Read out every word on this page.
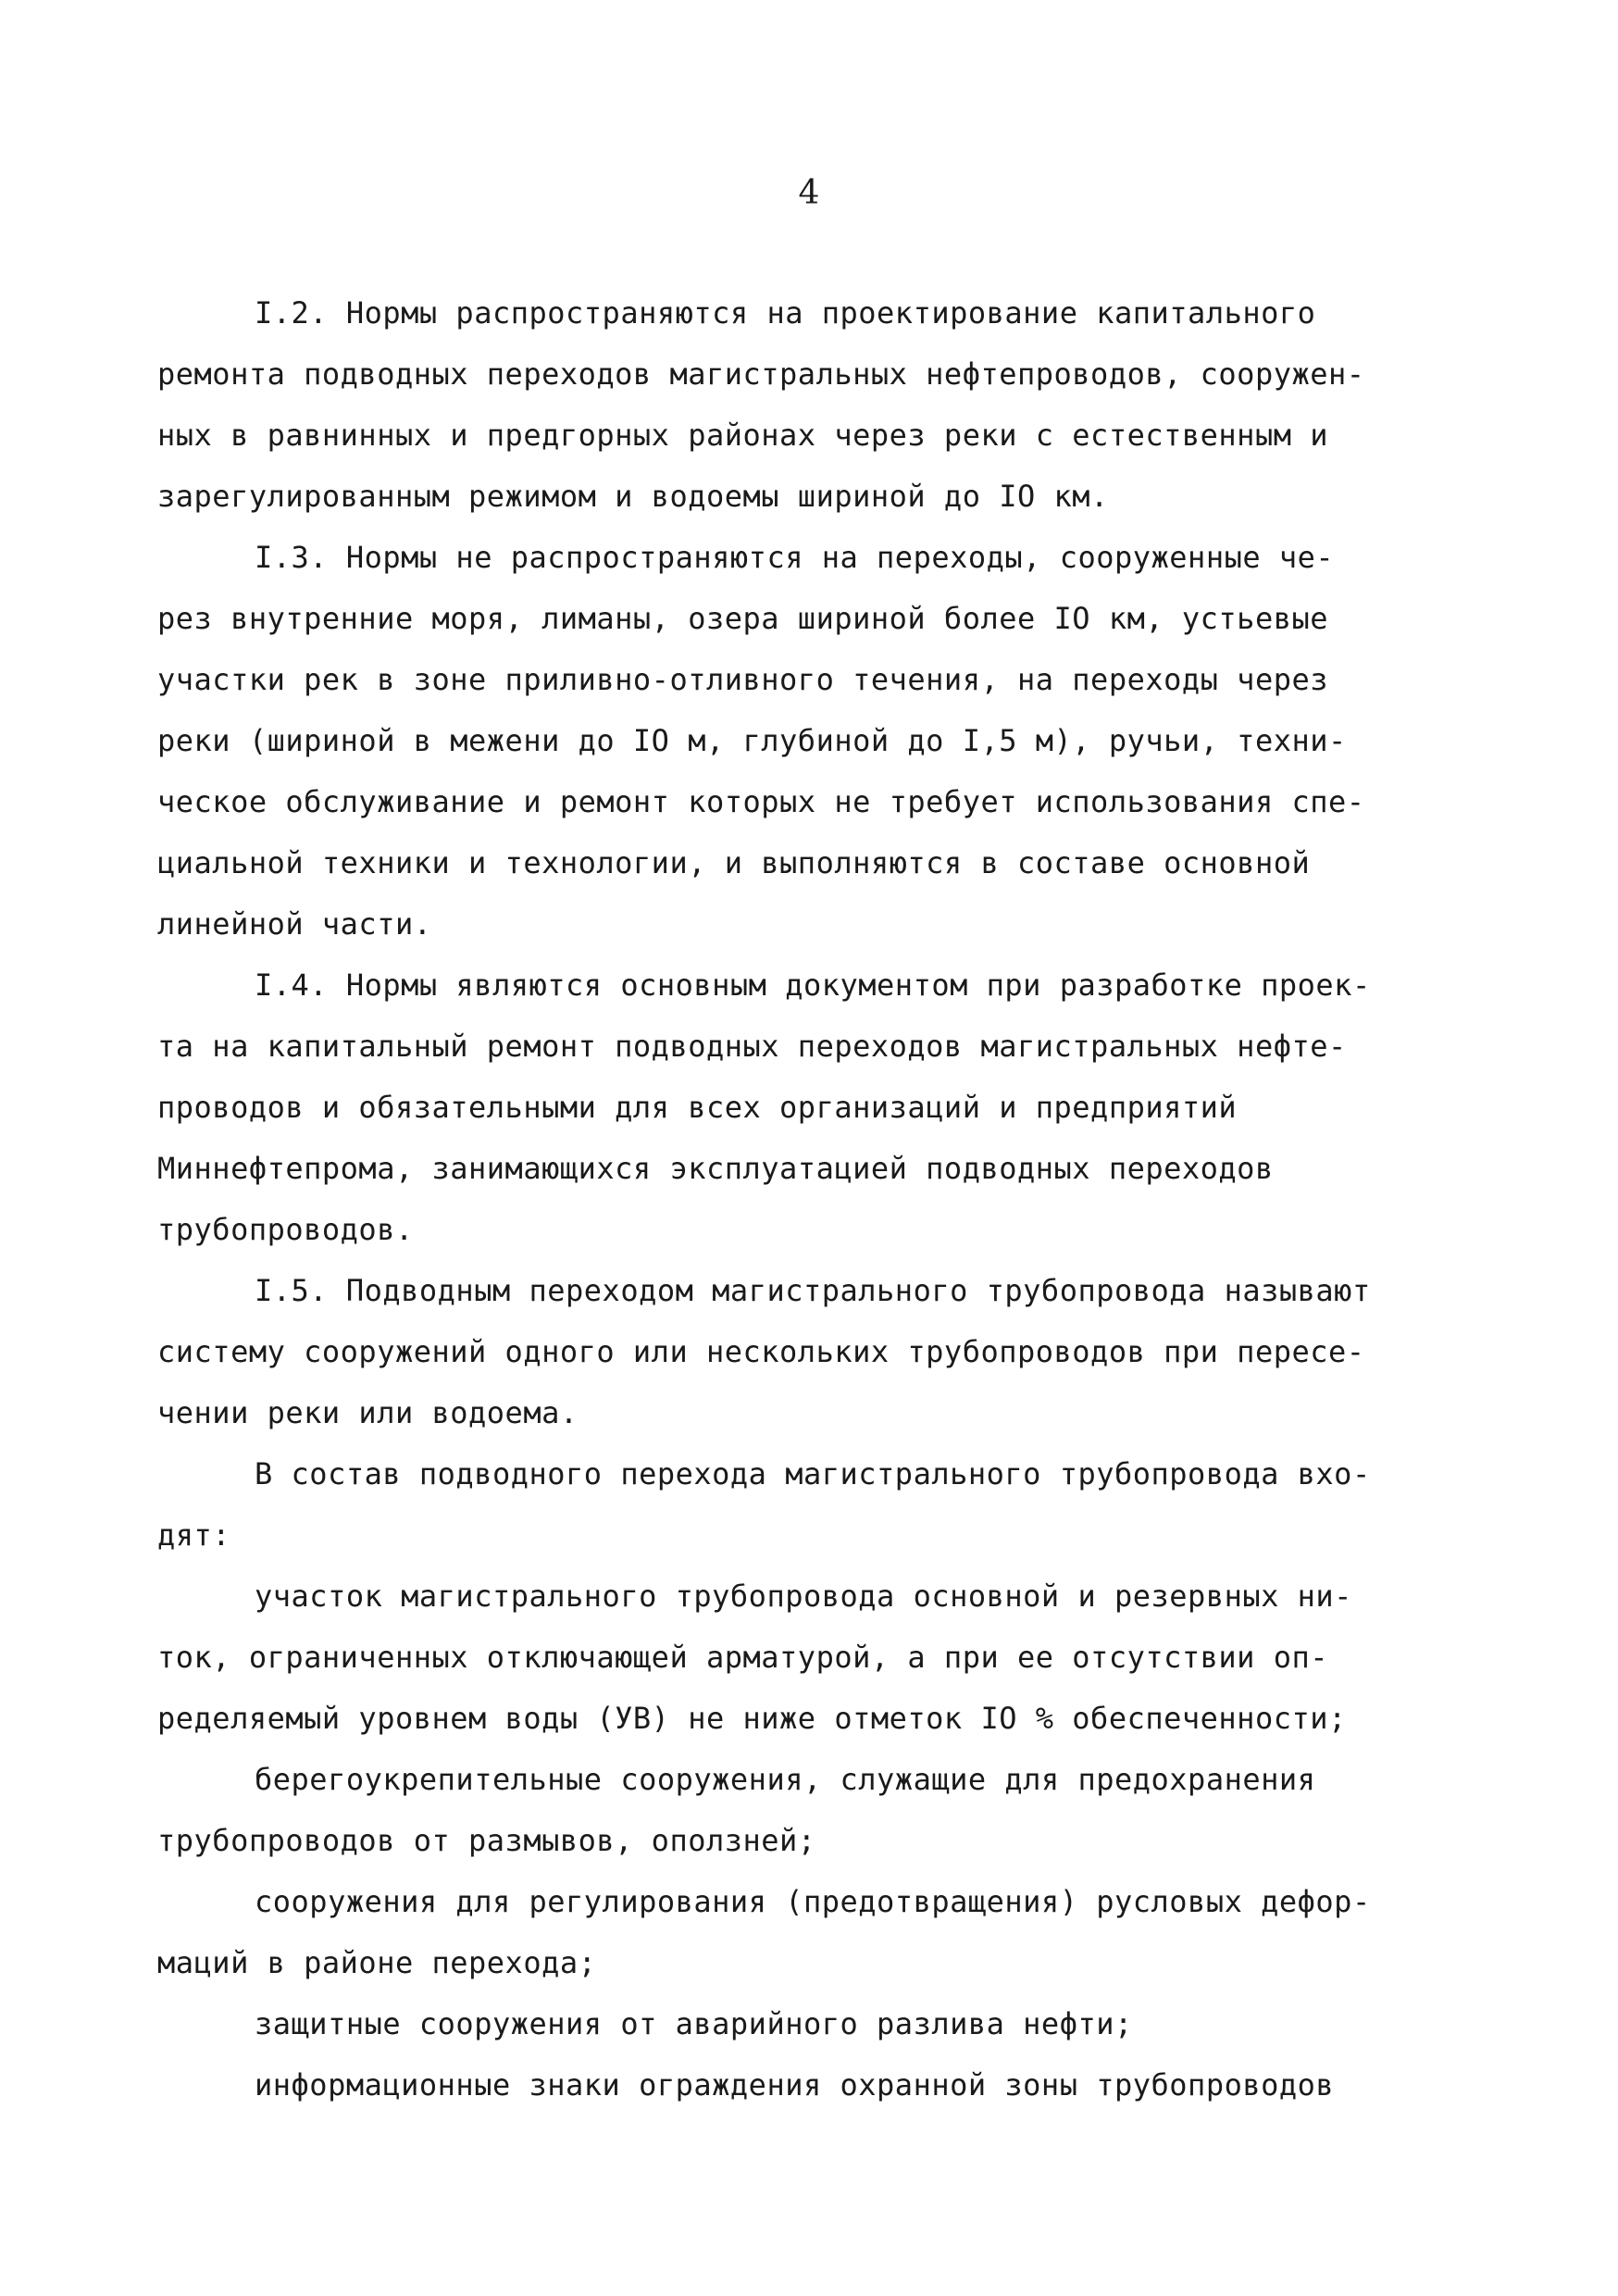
4
I.2. Нормы распространяются на проектирование капитального
ремонта подводных переходов магистральных нефтепроводов, сооружен-
ных в равнинных и предгорных районах через реки с естественным и
зарегулированным режимом и водоемы шириной до IO км.
I.3. Нормы не распространяются на переходы, сооруженные че-
рез внутренние моря, лиманы, озера шириной более IO км, устьевые
участки рек в зоне приливно-отливного течения, на переходы через
реки (шириной в межени до IO м, глубиной до I,5 м), ручьи, техни-
ческое обслуживание и ремонт которых не требует использования спе-
циальной техники и технологии, и выполняются в составе основной
линейной части.
I.4. Нормы являются основным документом при разработке проек-
та на капитальный ремонт подводных переходов магистральных нефте-
проводов и обязательными для всех организаций и предприятий
Миннефтепрома, занимающихся эксплуатацией подводных переходов
трубопроводов.
I.5. Подводным переходом магистрального трубопровода называют
систему сооружений одного или нескольких трубопроводов при пересе-
чении реки или водоема.
В состав подводного перехода магистрального трубопровода вхо-
дят:
участок магистрального трубопровода основной и резервных ни-
ток, ограниченных отключающей арматурой, а при ее отсутствии оп-
ределяемый уровнем воды (УВ) не ниже отметок IO % обеспеченности;
берегоукрепительные сооружения, служащие для предохранения
трубопроводов от размывов, оползней;
сооружения для регулирования (предотвращения) русловых дефор-
маций в районе перехода;
защитные сооружения от аварийного разлива нефти;
информационные знаки ограждения охранной зоны трубопроводов
